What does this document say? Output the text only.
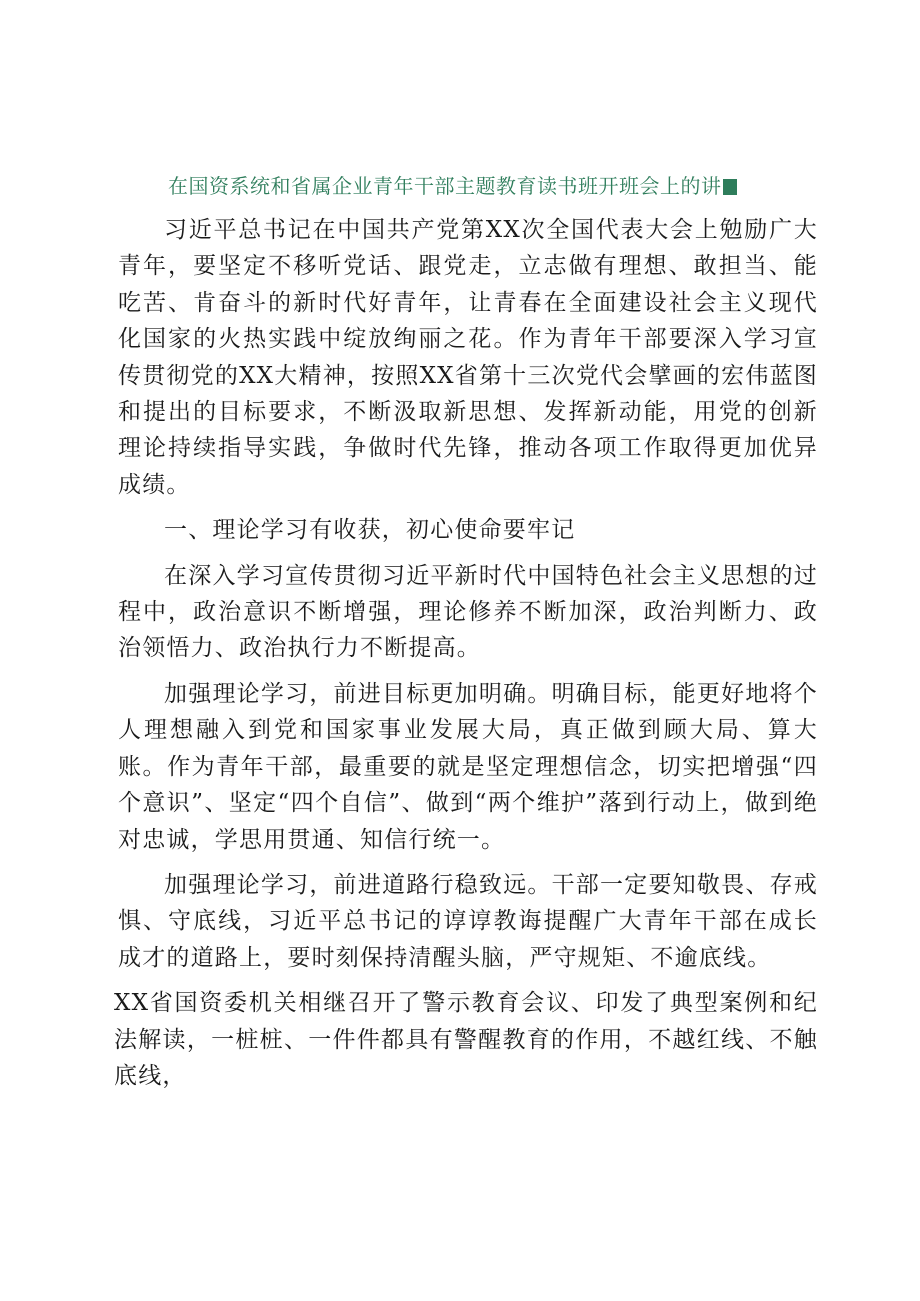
在国资系统和省属企业青年干部主题教育读书班开班会上的讲

习近平总书记在中国共产党第XX次全国代表大会上勉励广大青年，要坚定不移听党话、跟党走，立志做有理想、敢担当、能吃苦、肯奋斗的新时代好青年，让青春在全面建设社会主义现代化国家的火热实践中绽放绚丽之花。作为青年干部要深入学习宣传贯彻党的XX大精神，按照XX省第十三次党代会擘画的宏伟蓝图和提出的目标要求，不断汲取新思想、发挥新动能，用党的创新理论持续指导实践，争做时代先锋，推动各项工作取得更加优异成绩。

一、理论学习有收获，初心使命要牢记

在深入学习宣传贯彻习近平新时代中国特色社会主义思想的过程中，政治意识不断增强，理论修养不断加深，政治判断力、政治领悟力、政治执行力不断提高。

加强理论学习，前进目标更加明确。明确目标，能更好地将个人理想融入到党和国家事业发展大局，真正做到顾大局、算大账。作为青年干部，最重要的就是坚定理想信念，切实把增强“四个意识”、坚定“四个自信”、做到“两个维护”落到行动上，做到绝对忠诚，学思用贯通、知信行统一。

加强理论学习，前进道路行稳致远。干部一定要知敬畏、存戒惧、守底线，习近平总书记的谆谆教诲提醒广大青年干部在成长成才的道路上，要时刻保持清醒头脑，严守规矩、不逾底线。

XX省国资委机关相继召开了警示教育会议、印发了典型案例和纪法解读，一桩桩、一件件都具有警醒教育的作用，不越红线、不触底线，
